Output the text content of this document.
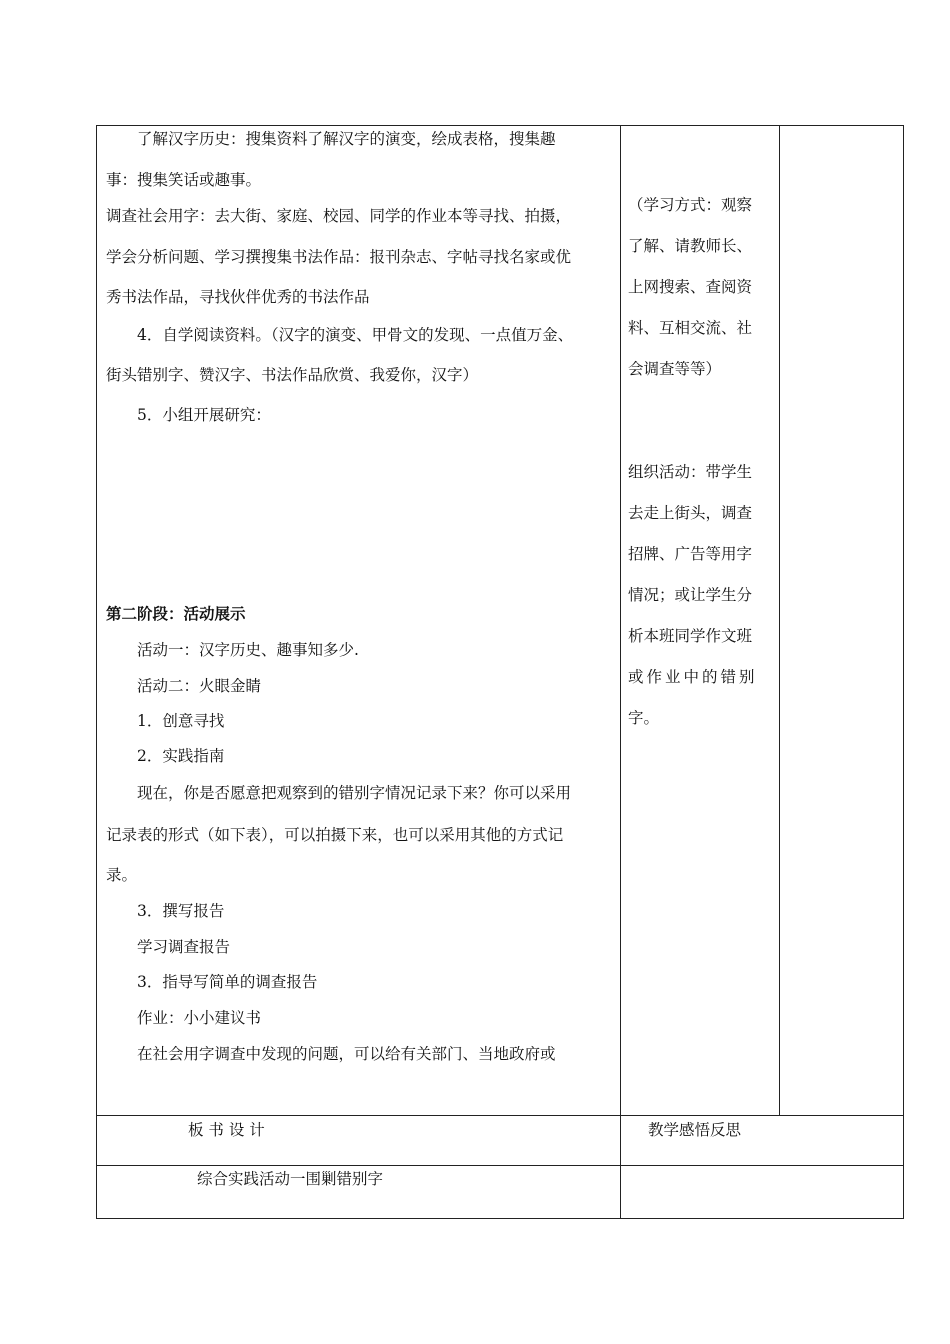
了解汉字历史：搜集资料了解汉字的演变，绘成表格，搜集趣
事：搜集笑话或趣事。
调查社会用字：去大街、家庭、校园、同学的作业本等寻找、拍摄，
学会分析问题、学习撰搜集书法作品：报刊杂志、字帖寻找名家或优
秀书法作品，寻找伙伴优秀的书法作品
4．自学阅读资料。（汉字的演变、甲骨文的发现、一点值万金、
街头错别字、赞汉字、书法作品欣赏、我爱你，汉字）
5．小组开展研究：
第二阶段：活动展示
活动一：汉字历史、趣事知多少.
活动二：火眼金睛
1．创意寻找
2．实践指南
现在，你是否愿意把观察到的错别字情况记录下来？你可以采用
记录表的形式（如下表），可以拍摄下来，也可以采用其他的方式记
录。
3．撰写报告
学习调查报告
3．指导写简单的调查报告
作业：小小建议书
在社会用字调查中发现的问题，可以给有关部门、当地政府或
（学习方式：观察
了解、请教师长、
上网搜索、查阅资
料、互相交流、社
会调查等等）
组织活动：带学生
去走上街头，调查
招牌、广告等用字
情况；或让学生分
析本班同学作文班
或作业中的错别
字。
板 书 设 计	教学感悟反思
综合实践活动一围剿错别字
